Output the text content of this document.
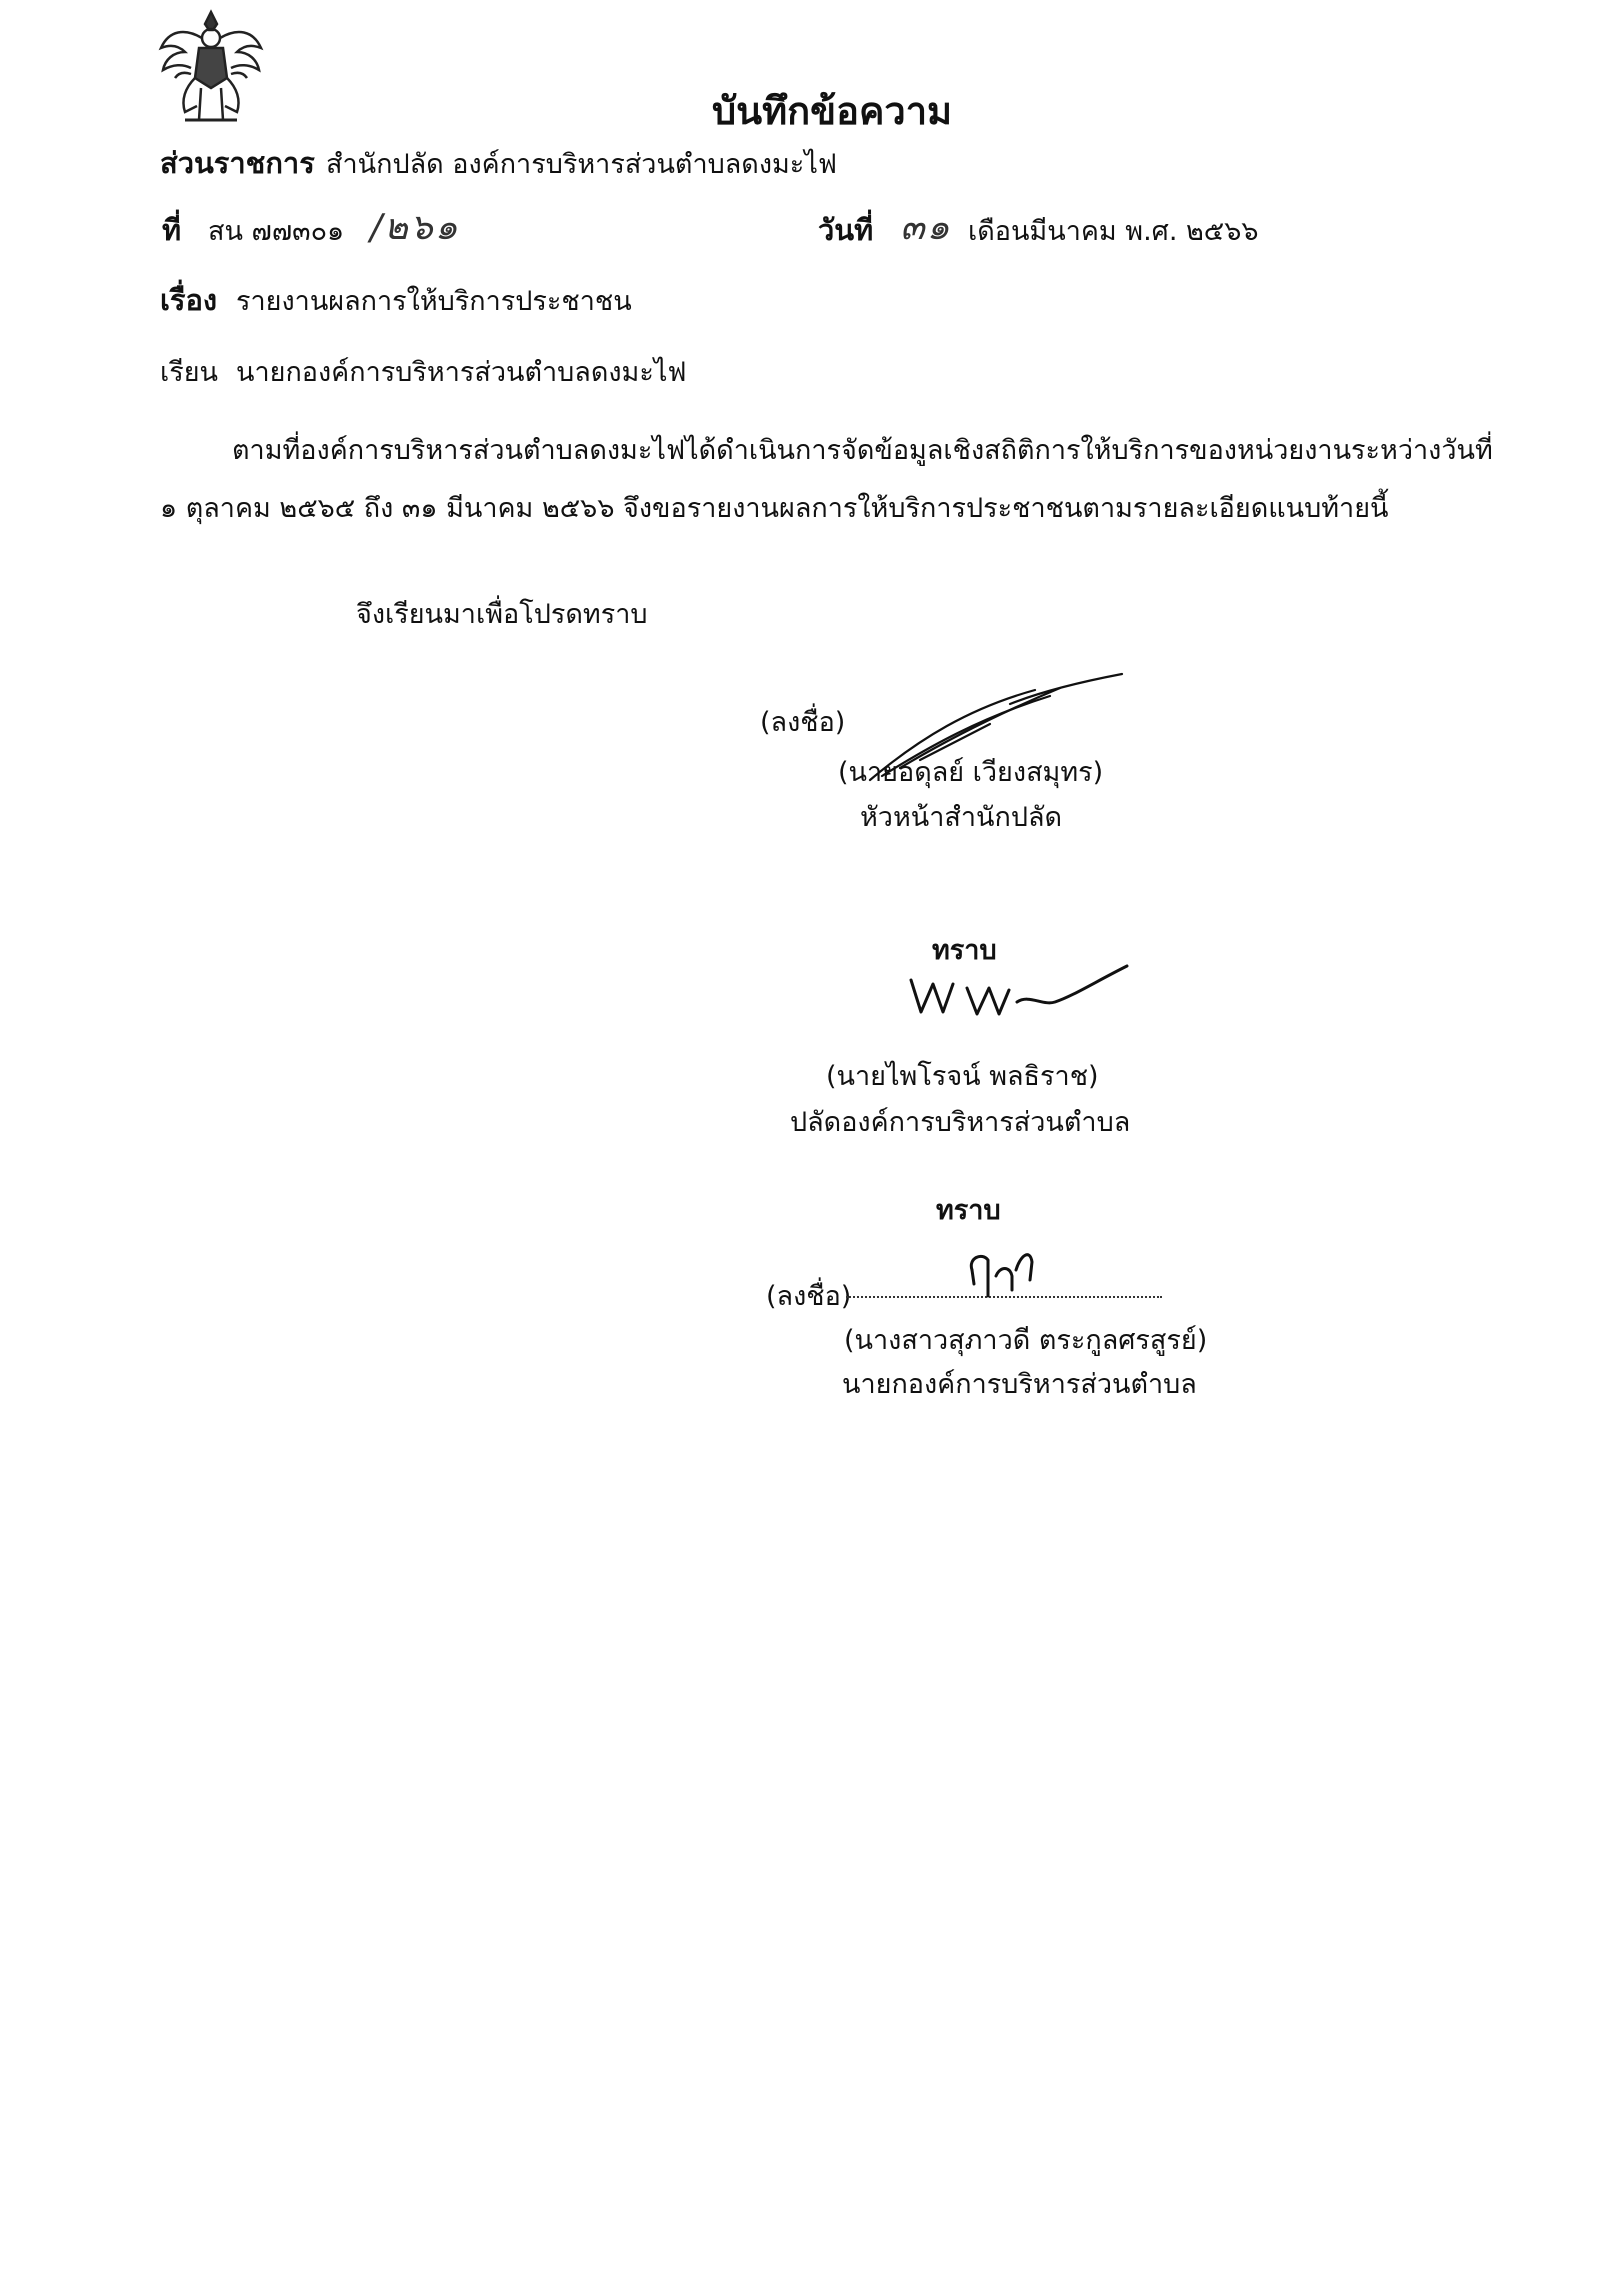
บันทึกข้อความ
ส่วนราชการ สำนักปลัด องค์การบริหารส่วนตำบลดงมะไฟ
ที่ สน ๗๗๓๐๑ /๒๖๑	วันที่ ๓๑ เดือนมีนาคม พ.ศ. ๒๕๖๖
เรื่อง รายงานผลการให้บริการประชาชน
เรียน นายกองค์การบริหารส่วนตำบลดงมะไฟ
ตามที่องค์การบริหารส่วนตำบลดงมะไฟได้ดำเนินการจัดข้อมูลเชิงสถิติการให้บริการของหน่วยงานระหว่างวันที่
๑ ตุลาคม ๒๕๖๕ ถึง ๓๑ มีนาคม ๒๕๖๖ จึงขอรายงานผลการให้บริการประชาชนตามรายละเอียดแนบท้ายนี้
จึงเรียนมาเพื่อโปรดทราบ
(ลงชื่อ)
(นายอดุลย์ เวียงสมุทร)
หัวหน้าสำนักปลัด
ทราบ
(นายไพโรจน์ พลธิราช)
ปลัดองค์การบริหารส่วนตำบล
ทราบ
(ลงชื่อ)
(นางสาวสุภาวดี ตระกูลศรสูรย์)
นายกองค์การบริหารส่วนตำบล
